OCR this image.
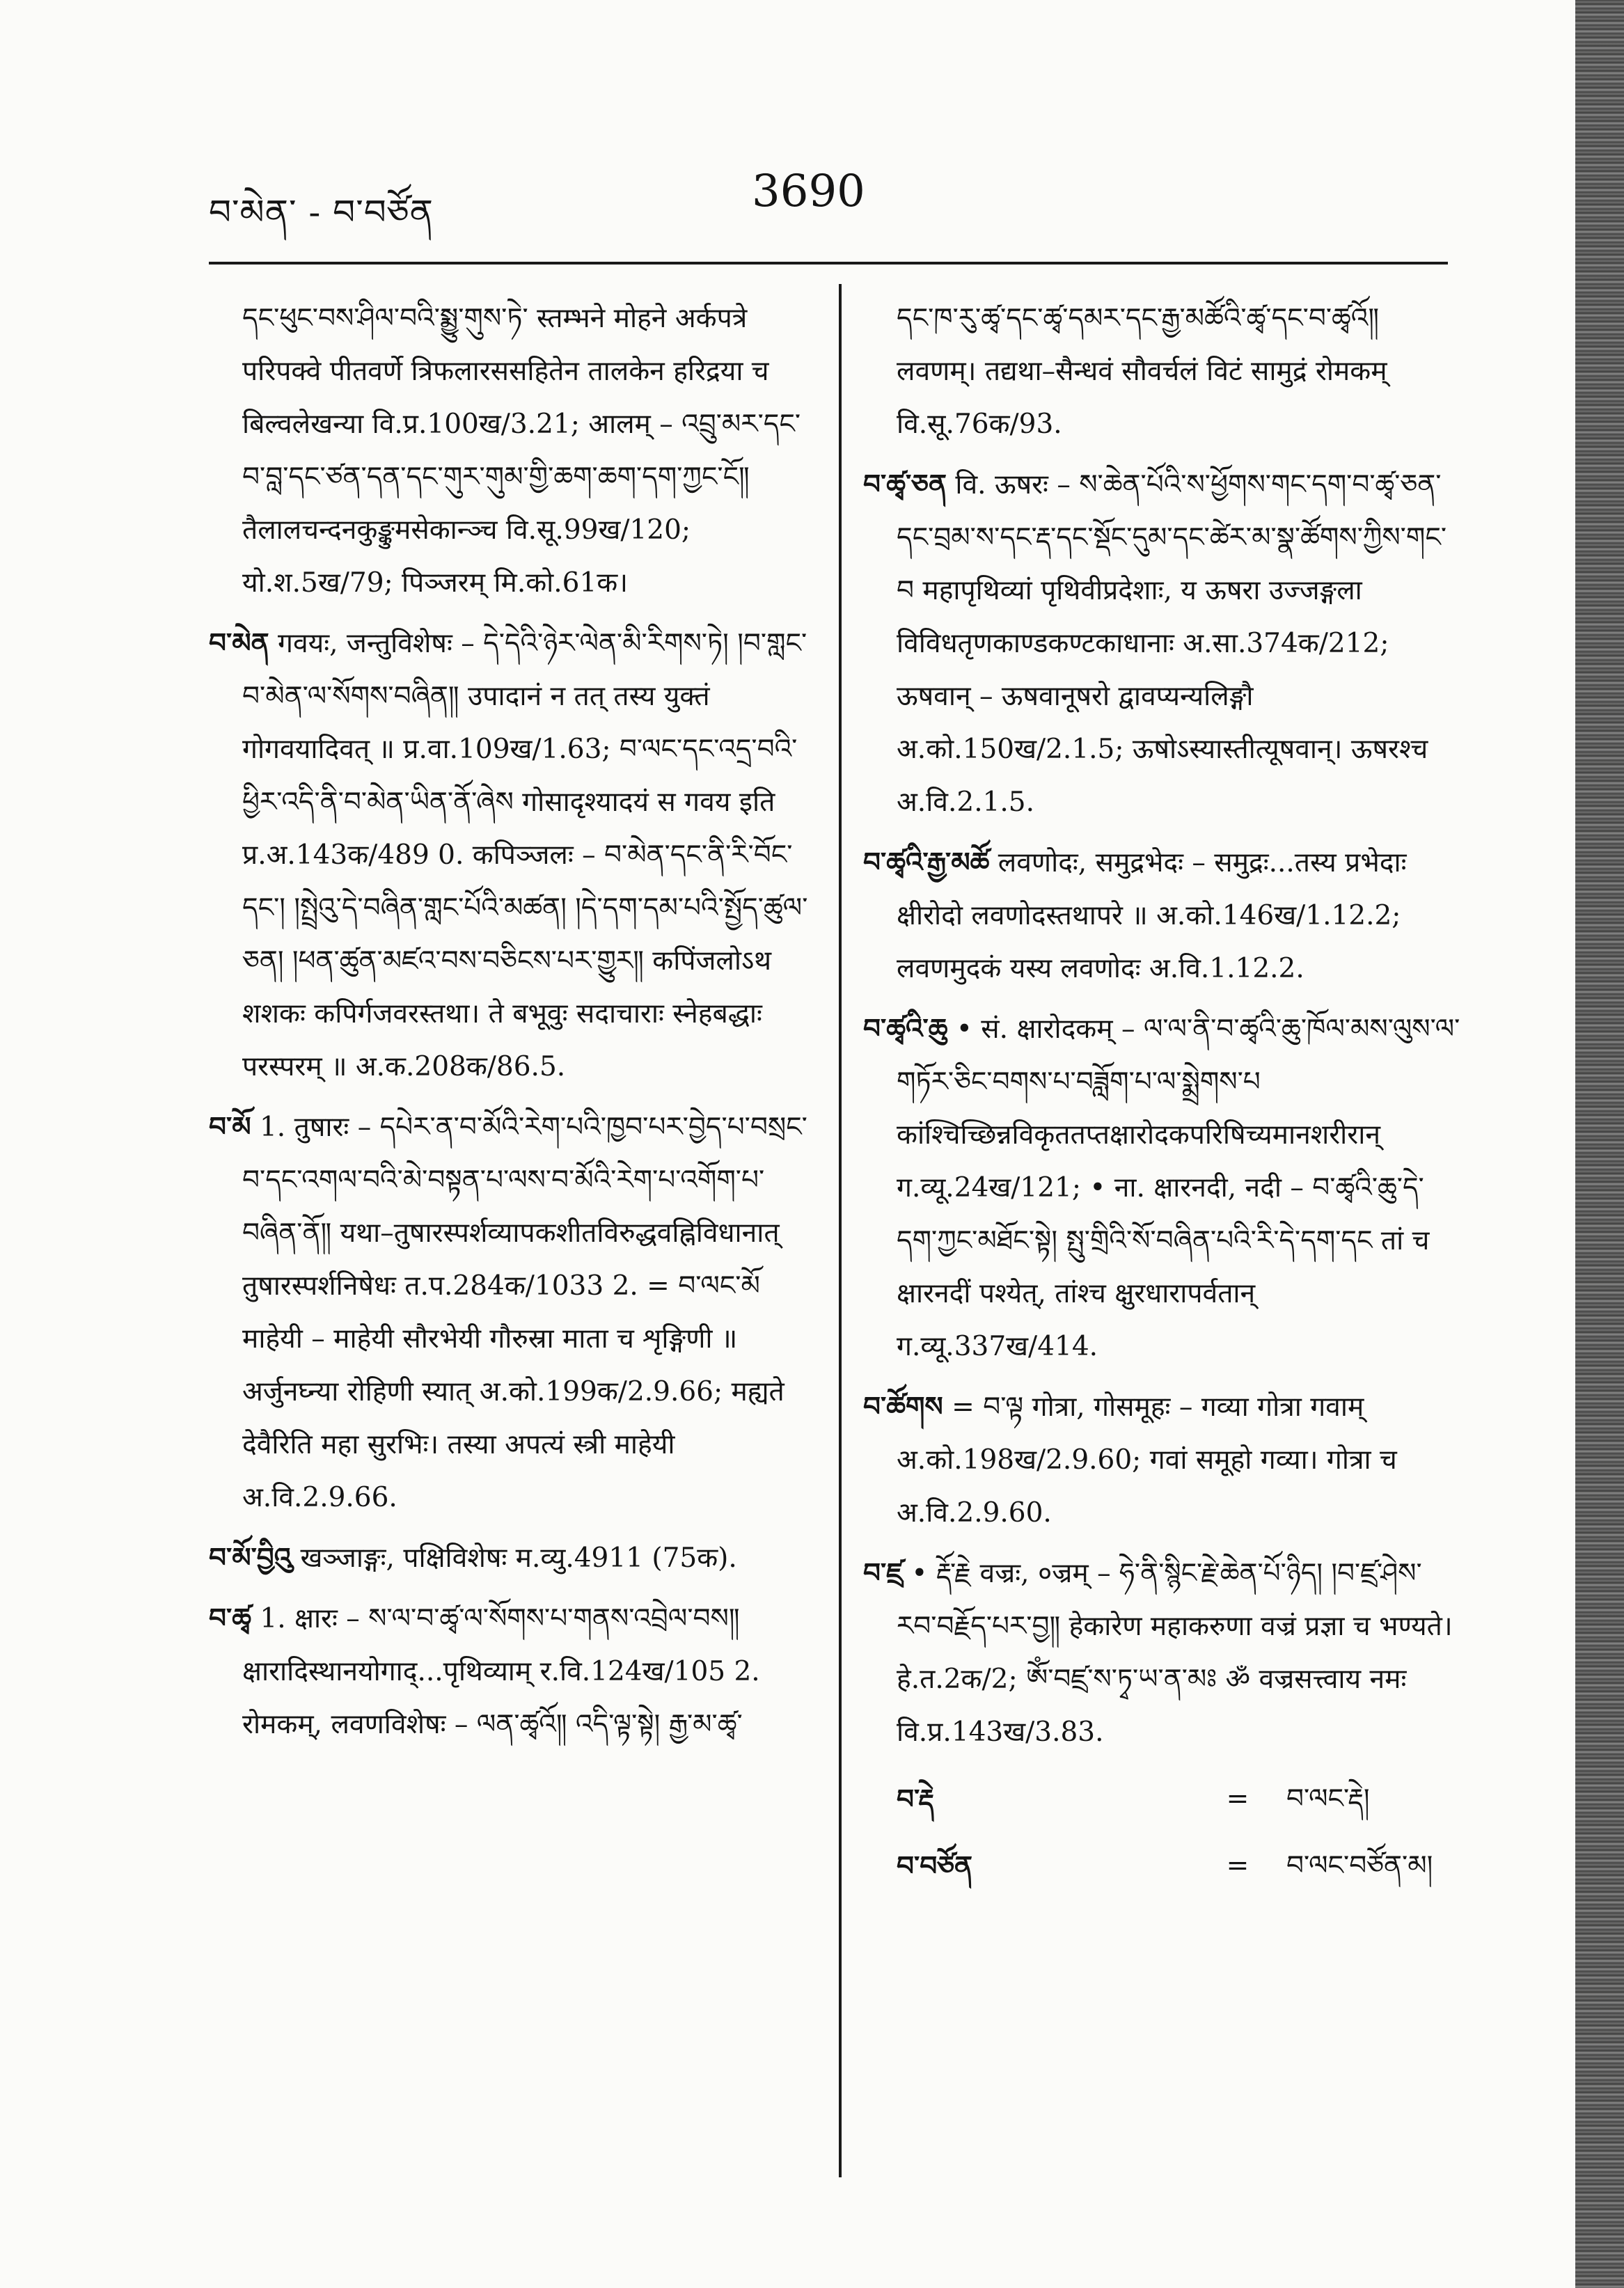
བ་མེན་ - བ་བཙོན	3690

དང་ཕུང་བས་ཤིལ་བའི་སྨྱུ་གུས་ཏེ་ स्तम्भने मोहने अर्कपत्रे परिपक्वे पीतवर्णे त्रिफलारससहितेन तालकेन हरिद्रया च बिल्वलेखन्या वि.प्र.100ख/3.21; आलम् – འབྲུ་མར་དང་བ་བླ་དང་ཙན་དན་དང་གུར་གུམ་གྱི་ཆག་ཆག་དག་ཀྱང་ངོ༎ तैलालचन्दनकुङ्कुमसेकान्ञ्च वि.सू.99ख/120; यो.श.5ख/79; पिञ्जरम् मि.को.61क।

བ་མེན गवयः, जन्तुविशेषः – དེ་དེའི་ཉེར་ལེན་མི་རིགས་ཏེ། །བ་གླང་བ་མེན་ལ་སོགས་བཞིན༎ उपादानं न तत् तस्य युक्तं गोगवयादिवत् ॥ प्र.वा.109ख/1.63; བ་ལང་དང་འདྲ་བའི་ཕྱིར་འདི་ནི་བ་མེན་ཡིན་ནོ་ཞེས गोसादृश्यादयं स गवय इति प्र.अ.143क/489 0. कपिञ्जलः – བ་མེན་དང་ནི་རི་བོང་དང་། །སྤྲེའུ་དེ་བཞིན་གླང་པོའི་མཚན། །དེ་དག་དམ་པའི་སྤྱོད་ཚུལ་ཅན། །ཕན་ཚུན་མཛའ་བས་བཅིངས་པར་གྱུར༎ कपिंजलोऽथ शशकः कपिर्गजवरस्तथा। ते बभूवुः सदाचाराः स्नेहबद्धाः परस्परम् ॥ अ.क.208क/86.5.

བ་མོ 1. तुषारः – དཔེར་ན་བ་མོའི་རེག་པའི་ཁྱབ་པར་བྱེད་པ་བསྲང་བ་དང་འགལ་བའི་མེ་བསྟན་པ་ལས་བ་མོའི་རེག་པ་འགོག་པ་བཞིན་ནོ༎ यथा–तुषारस्पर्शव्यापकशीतविरुद्धवह्निविधानात् तुषारस्पर्शनिषेधः त.प.284क/1033 2. = བ་ལང་མོ माहेयी – माहेयी सौरभेयी गौरुस्रा माता च शृङ्गिणी ॥ अर्जुनघ्न्या रोहिणी स्यात् अ.को.199क/2.9.66; मह्यते देवैरिति महा सुरभिः। तस्या अपत्यं स्त्री माहेयी अ.वि.2.9.66.

བ་མོ་བྱིའུ खञ्जाङ्गः, पक्षिविशेषः म.व्यु.4911 (75क).

བ་ཚྭ 1. क्षारः – ས་ལ་བ་ཚྭ་ལ་སོགས་པ་གནས་འབྲེལ་བས༎ क्षारादिस्थानयोगाद्...पृथिव्याम् र.वि.124ख/105 2. रोमकम्, लवणविशेषः – ལན་ཚྭའོ༎ འདི་ལྟ་སྟེ། རྒྱ་མ་ཚྭ་

དང་ཁ་རུ་ཚྭ་དང་ཚྭ་དམར་དང་རྒྱ་མཚོའི་ཚྭ་དང་བ་ཚྭའོ༎ लवणम्। तद्यथा–सैन्धवं सौवर्चलं विटं सामुद्रं रोमकम् वि.सू.76क/93.

བ་ཚྭ་ཅན वि. ऊषरः – ས་ཆེན་པོའི་ས་ཕྱོགས་གང་དག་བ་ཚྭ་ཅན་དང་བྲམ་ས་དང་རྡ་དང་སྡོང་དུམ་དང་ཚེར་མ་སྣ་ཚོགས་ཀྱིས་གང་བ महापृथिव्यां पृथिवीप्रदेशाः, य ऊषरा उज्जङ्गला विविधतृणकाण्डकण्टकाधानाः अ.सा.374क/212; ऊषवान् – ऊषवानूषरो द्वावप्यन्यलिङ्गौ अ.को.150ख/2.1.5; ऊषोऽस्यास्तीत्यूषवान्। ऊषरश्च अ.वि.2.1.5.

བ་ཚྭའི་རྒྱ་མཚོ लवणोदः, समुद्रभेदः – समुद्रः...तस्य प्रभेदाः क्षीरोदो लवणोदस्तथापरे ॥ अ.को.146ख/1.12.2; लवणमुदकं यस्य लवणोदः अ.वि.1.12.2.

བ་ཚྭའི་ཆུ • सं. क्षारोदकम् – ལ་ལ་ནི་བ་ཚྭའི་ཆུ་ཁོལ་མས་ལུས་ལ་གཏོར་ཅིང་བགས་པ་བཟློག་པ་ལ་སྨྲེགས་པ कांश्चिच्छिन्नविकृततप्तक्षारोदकपरिषिच्यमानशरीरान् ग.व्यू.24ख/121; • ना. क्षारनदी, नदी – བ་ཚྭའི་ཆུ་དེ་དག་ཀྱང་མཐོང་སྟེ། སྤུ་གྲིའི་སོ་བཞིན་པའི་རི་དེ་དག་དང तां च क्षारनदीं पश्येत्, तांश्च क्षुरधारापर्वतान् ग.व्यू.337ख/414.

བ་ཚོགས = བ་ལྟ गोत्रा, गोसमूहः – गव्या गोत्रा गवाम् अ.को.198ख/2.9.60; गवां समूहो गव्या। गोत्रा च अ.वि.2.9.60.

བ་ཛྲ • རྡོ་རྗེ वज्रः, ०ज्रम् – ཧེ་ནི་སྙིང་རྗེ་ཆེན་པོ་ཉིད། །བ་ཛྲ་ཤེས་རབ་བརྗོད་པར་བྱ༎ हेकारेण महाकरुणा वज्रं प्रज्ञा च भण्यते। हे.त.2क/2; ཨོཾ་བཛྲ་ས་ཏྭ་ཡ་ན་མཿ ॐ वज्रसत्त्वाय नमः वि.प्र.143ख/3.83.

བ་རྡེ	=	བ་ལང་རྡེ།
བ་བཙོན	=	བ་ལང་བཙོན་མ།
